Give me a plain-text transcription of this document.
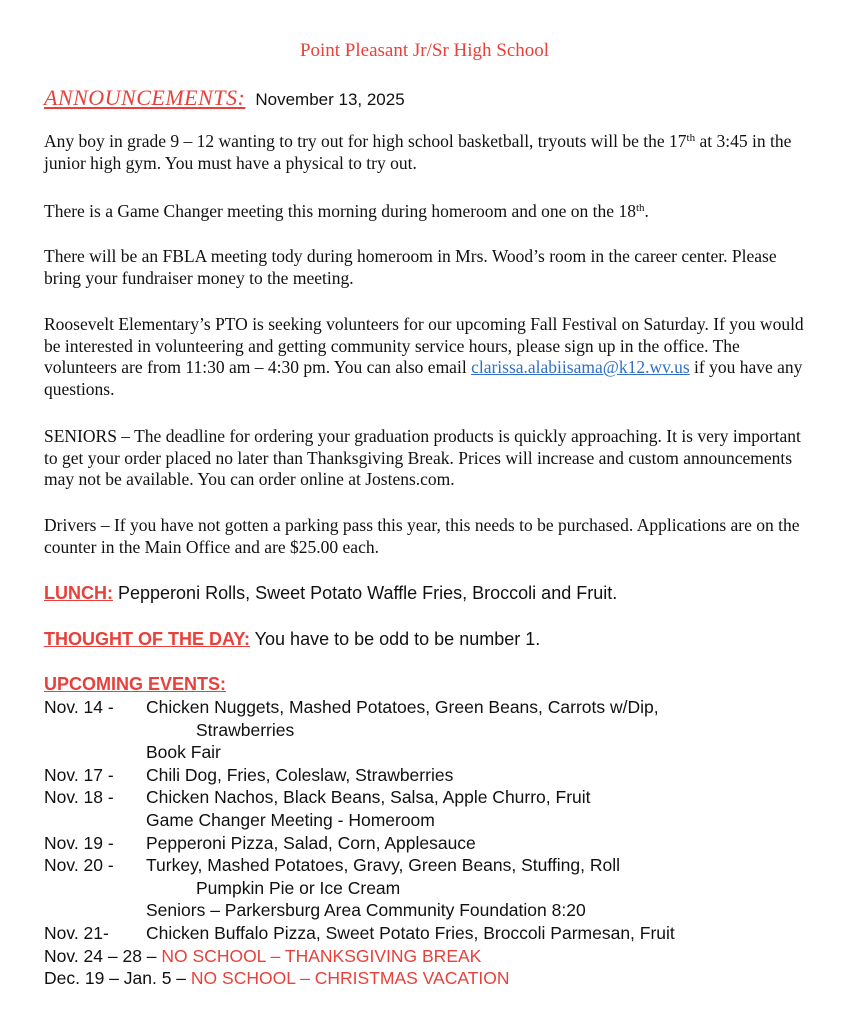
Point Pleasant Jr/Sr High School
ANNOUNCEMENTS: November 13, 2025
Any boy in grade 9 – 12 wanting to try out for high school basketball, tryouts will be the 17th at 3:45 in the junior high gym. You must have a physical to try out.
There is a Game Changer meeting this morning during homeroom and one on the 18th.
There will be an FBLA meeting tody during homeroom in Mrs. Wood’s room in the career center. Please bring your fundraiser money to the meeting.
Roosevelt Elementary’s PTO is seeking volunteers for our upcoming Fall Festival on Saturday. If you would be interested in volunteering and getting community service hours, please sign up in the office. The volunteers are from 11:30 am – 4:30 pm. You can also email clarissa.alabiisama@k12.wv.us if you have any questions.
SENIORS – The deadline for ordering your graduation products is quickly approaching. It is very important to get your order placed no later than Thanksgiving Break. Prices will increase and custom announcements may not be available. You can order online at Jostens.com.
Drivers – If you have not gotten a parking pass this year, this needs to be purchased. Applications are on the counter in the Main Office and are $25.00 each.
LUNCH: Pepperoni Rolls, Sweet Potato Waffle Fries, Broccoli and Fruit.
THOUGHT OF THE DAY: You have to be odd to be number 1.
UPCOMING EVENTS:
Nov. 14 -	Chicken Nuggets, Mashed Potatoes, Green Beans, Carrots w/Dip,
Strawberries
Book Fair
Nov. 17 -	Chili Dog, Fries, Coleslaw, Strawberries
Nov. 18 -	Chicken Nachos, Black Beans, Salsa, Apple Churro, Fruit
Game Changer Meeting - Homeroom
Nov. 19 -	Pepperoni Pizza, Salad, Corn, Applesauce
Nov. 20 -	Turkey, Mashed Potatoes, Gravy, Green Beans, Stuffing, Roll
Pumpkin Pie or Ice Cream
Seniors – Parkersburg Area Community Foundation 8:20
Nov. 21-	Chicken Buffalo Pizza, Sweet Potato Fries, Broccoli Parmesan, Fruit
Nov. 24 – 28 – NO SCHOOL – THANKSGIVING BREAK
Dec. 19 – Jan. 5 – NO SCHOOL – CHRISTMAS VACATION
